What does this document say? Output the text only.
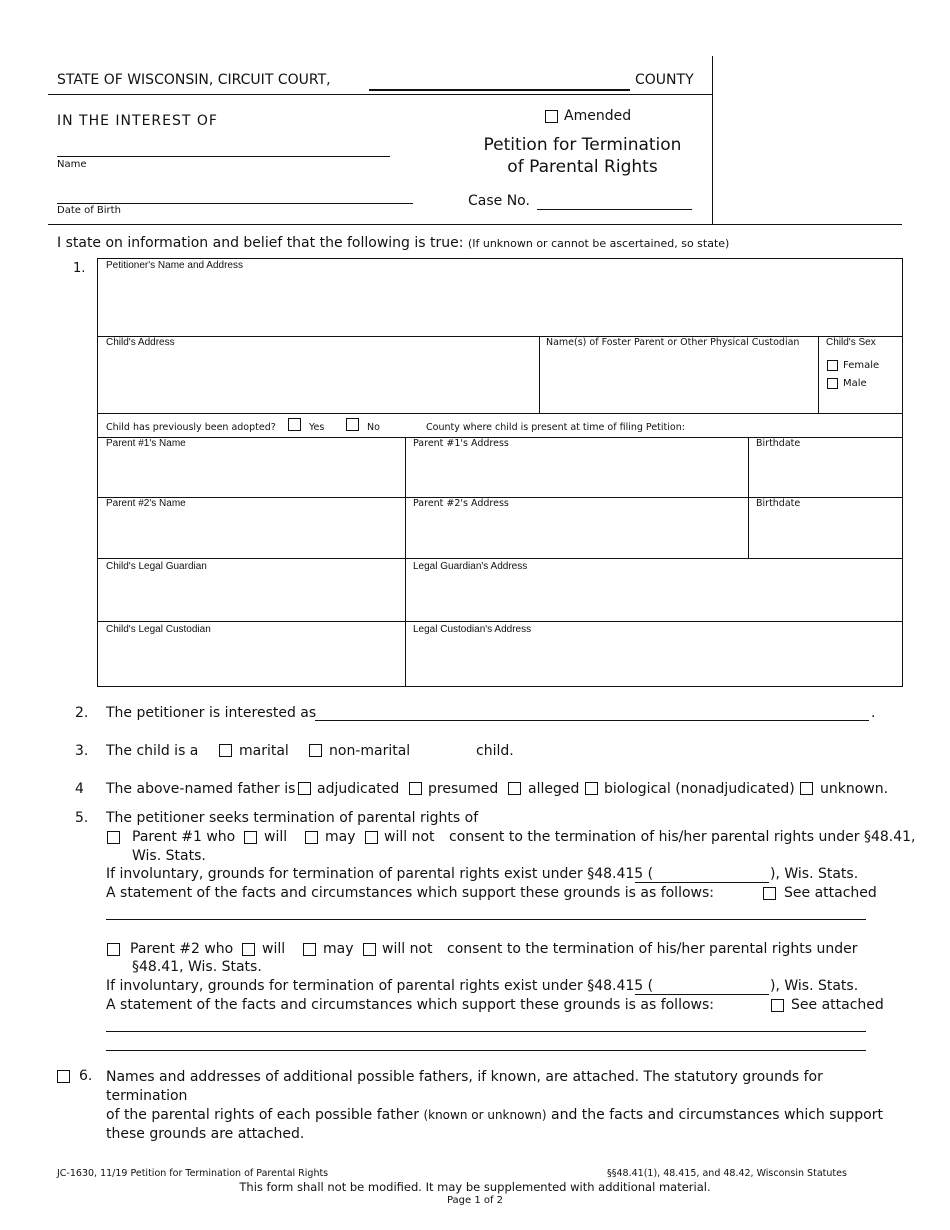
STATE OF WISCONSIN, CIRCUIT COURT,	COUNTY
IN THE INTEREST OF
Name
Date of Birth
Amended
Petition for Termination
of Parental Rights
Case No.
I state on information and belief that the following is true: (If unknown or cannot be ascertained, so state)
1. Petitioner's Name and Address
Child's Address	Name(s) of Foster Parent or Other Physical Custodian	Child's Sex
Female
Male
Child has previously been adopted?	Yes	No	County where child is present at time of filing Petition:
Parent #1's Name	Parent #1's Address	Birthdate
Parent #2's Name	Parent #2's Address	Birthdate
Child's Legal Guardian	Legal Guardian's Address
Child's Legal Custodian	Legal Custodian's Address
2. The petitioner is interested as	.
3. The child is a	marital	non-marital	child.
4 The above-named father is adjudicated presumed alleged biological (nonadjudicated) unknown.
5. The petitioner seeks termination of parental rights of
Parent #1 who will	may will not consent to the termination of his/her parental rights under §48.41,
Wis. Stats.
If involuntary, grounds for termination of parental rights exist under §48.415 (	), Wis. Stats.
A statement of the facts and circumstances which support these grounds is as follows:	See attached
Parent #2 who will	may will not consent to the termination of his/her parental rights under
§48.41, Wis. Stats.
If involuntary, grounds for termination of parental rights exist under §48.415 (	), Wis. Stats.
A statement of the facts and circumstances which support these grounds is as follows:	See attached
6. Names and addresses of additional possible fathers, if known, are attached. The statutory grounds for termination
of the parental rights of each possible father (known or unknown) and the facts and circumstances which support
these grounds are attached.
JC-1630, 11/19 Petition for Termination of Parental Rights	§§48.41(1), 48.415, and 48.42, Wisconsin Statutes
This form shall not be modified. It may be supplemented with additional material.
Page 1 of 2
